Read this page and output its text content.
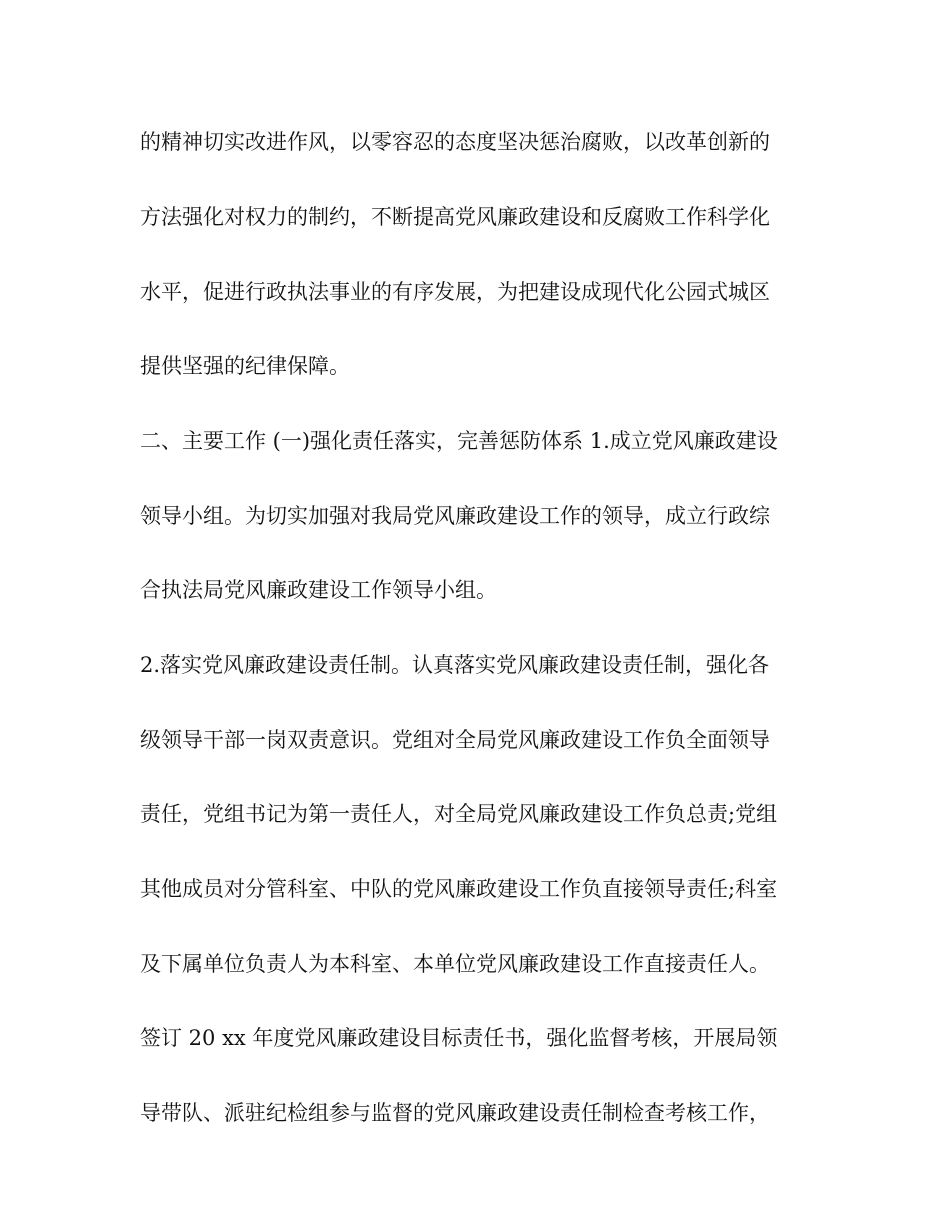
的精神切实改进作风，以零容忍的态度坚决惩治腐败，以改革创新的
方法强化对权力的制约，不断提高党风廉政建设和反腐败工作科学化
水平，促进行政执法事业的有序发展，为把建设成现代化公园式城区
提供坚强的纪律保障。
二、主要工作 (一)强化责任落实，完善惩防体系 1.成立党风廉政建设
领导小组。为切实加强对我局党风廉政建设工作的领导，成立行政综
合执法局党风廉政建设工作领导小组。
2.落实党风廉政建设责任制。认真落实党风廉政建设责任制，强化各
级领导干部一岗双责意识。党组对全局党风廉政建设工作负全面领导
责任，党组书记为第一责任人，对全局党风廉政建设工作负总责;党组
其他成员对分管科室、中队的党风廉政建设工作负直接领导责任;科室
及下属单位负责人为本科室、本单位党风廉政建设工作直接责任人。
签订 20 xx 年度党风廉政建设目标责任书，强化监督考核，开展局领
导带队、派驻纪检组参与监督的党风廉政建设责任制检查考核工作，
